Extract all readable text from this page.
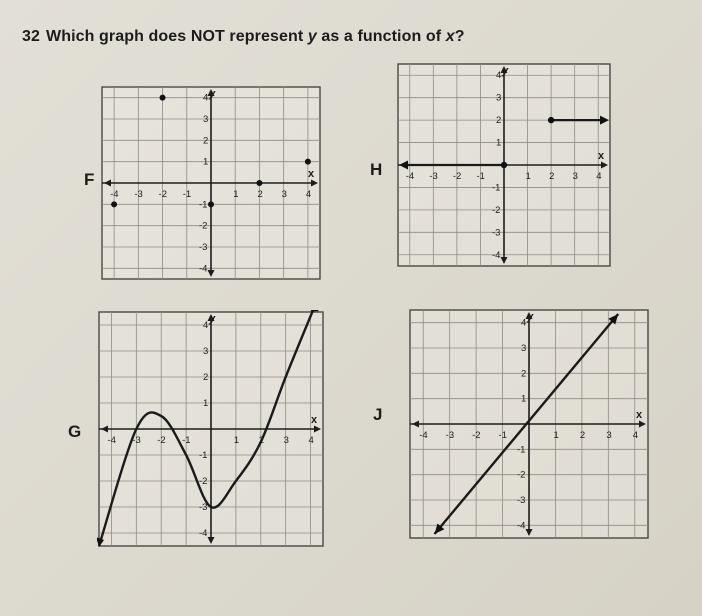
32 Which graph does NOT represent y as a function of x?
F
H
G
J
-4 -3 -2 -1	1 2 3 4
4
3
2
1
-1
-2
-3
-4
x
y
-4 -3 -2 -1	1 2 3 4
4
3
2
1
-1
-2
-3
-4
x
y
-4 -3 -2 -1	1 2 3 4
4
3
2
1
-1
-2
-3
-4
x
y
-4 -3 -2 -1	1 2 3 4
4
3
2
1
-1
-2
-3
-4
x
y
